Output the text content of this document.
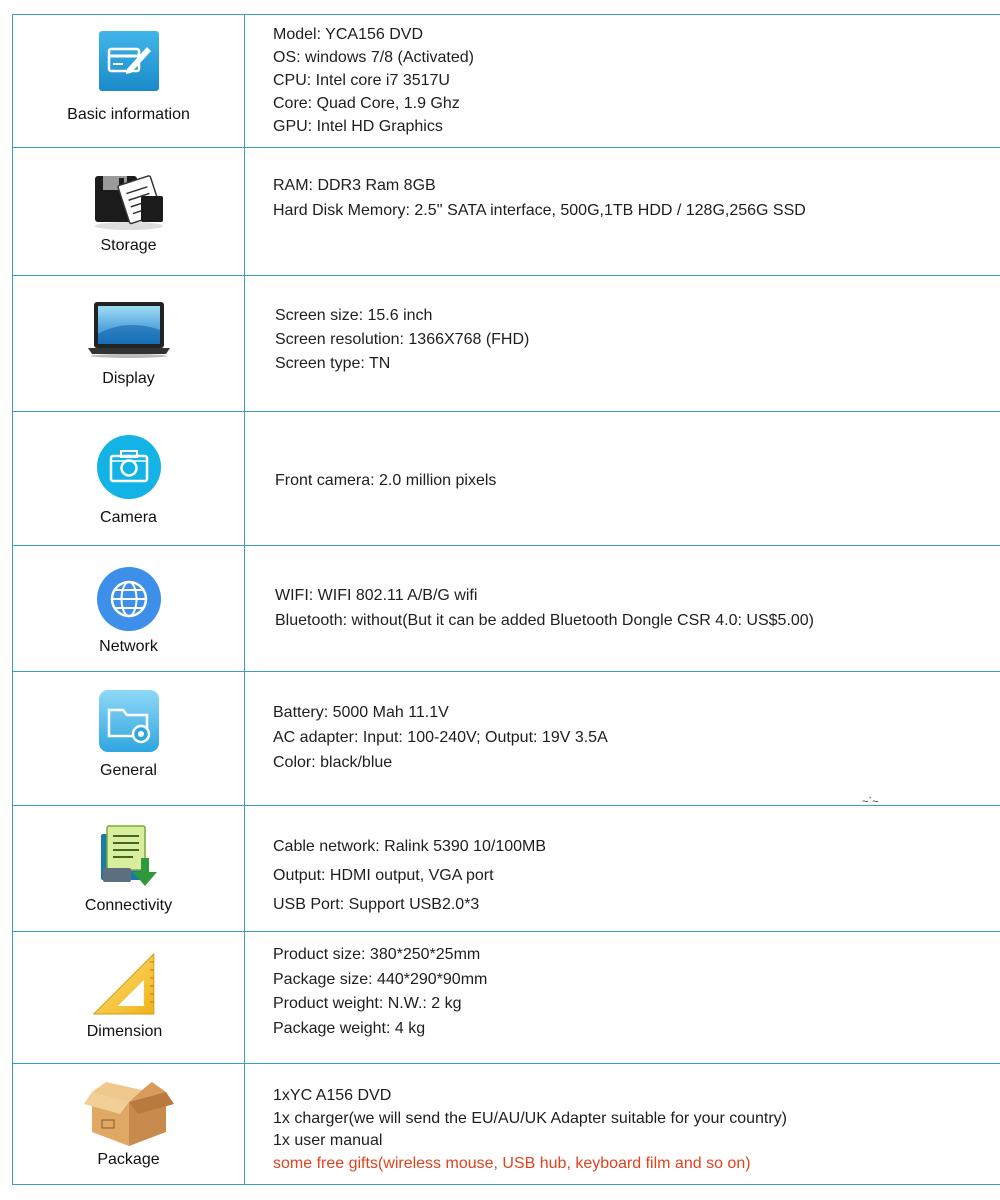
Basic information
Model: YCA156 DVD
OS: windows 7/8 (Activated)
CPU: Intel core i7 3517U
Core: Quad Core, 1.9 Ghz
GPU: Intel HD Graphics
Storage
RAM: DDR3 Ram 8GB
Hard Disk Memory: 2.5'' SATA interface, 500G,1TB HDD / 128G,256G SSD
Display
Screen size: 15.6 inch
Screen resolution: 1366X768 (FHD)
Screen type: TN
Camera
Front camera: 2.0 million pixels
Network
WIFI: WIFI 802.11 A/B/G wifi
Bluetooth: without(But it can be added Bluetooth Dongle CSR 4.0: US$5.00)
General
Battery: 5000 Mah 11.1V
AC adapter: Input: 100-240V; Output: 19V 3.5A
Color: black/blue
Connectivity
Cable network: Ralink 5390 10/100MB
Output: HDMI output, VGA port
USB Port: Support USB2.0*3
Dimension
Product size: 380*250*25mm
Package size: 440*290*90mm
Product weight: N.W.: 2 kg
Package weight: 4 kg
Package
1xYC A156 DVD
1x charger(we will send the EU/AU/UK Adapter suitable for your country)
1x user manual
some free gifts(wireless mouse, USB hub, keyboard film and so on)
~`~
